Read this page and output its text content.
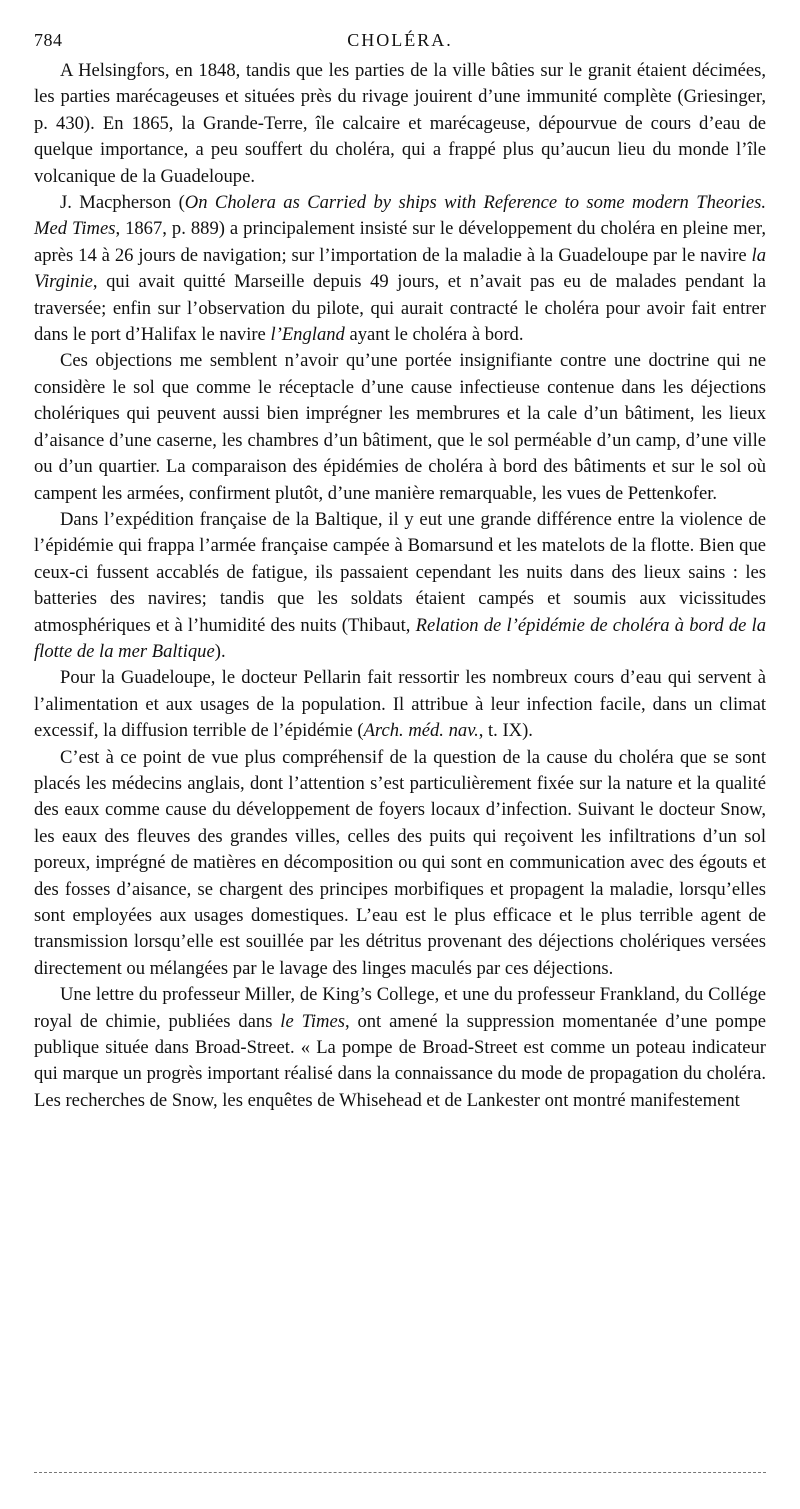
784	CHOLÉRA.

A Helsingfors, en 1848, tandis que les parties de la ville bâties sur le granit étaient décimées, les parties marécageuses et situées près du rivage jouirent d’une immunité complète (Griesinger, p. 430). En 1865, la Grande-Terre, île calcaire et marécageuse, dépourvue de cours d’eau de quelque importance, a peu souffert du choléra, qui a frappé plus qu’aucun lieu du monde l’île volcanique de la Guadeloupe.

J. Macpherson (On Cholera as Carried by ships with Reference to some modern Theories. Med Times, 1867, p. 889) a principalement insisté sur le développement du choléra en pleine mer, après 14 à 26 jours de navigation; sur l’importation de la maladie à la Guadeloupe par le navire la Virginie, qui avait quitté Marseille depuis 49 jours, et n’avait pas eu de malades pendant la traversée; enfin sur l’observation du pilote, qui aurait contracté le choléra pour avoir fait entrer dans le port d’Halifax le navire l’England ayant le choléra à bord.

Ces objections me semblent n’avoir qu’une portée insignifiante contre une doctrine qui ne considère le sol que comme le réceptacle d’une cause infectieuse contenue dans les déjections cholériques qui peuvent aussi bien imprégner les membrures et la cale d’un bâtiment, les lieux d’aisance d’une caserne, les chambres d’un bâtiment, que le sol perméable d’un camp, d’une ville ou d’un quartier. La comparaison des épidémies de choléra à bord des bâtiments et sur le sol où campent les armées, confirment plutôt, d’une manière remarquable, les vues de Pettenkofer.

Dans l’expédition française de la Baltique, il y eut une grande différence entre la violence de l’épidémie qui frappa l’armée française campée à Bomarsund et les matelots de la flotte. Bien que ceux-ci fussent accablés de fatigue, ils passaient cependant les nuits dans des lieux sains : les batteries des navires; tandis que les soldats étaient campés et soumis aux vicissitudes atmosphériques et à l’humidité des nuits (Thibaut, Relation de l’épidémie de choléra à bord de la flotte de la mer Baltique).

Pour la Guadeloupe, le docteur Pellarin fait ressortir les nombreux cours d’eau qui servent à l’alimentation et aux usages de la population. Il attribue à leur infection facile, dans un climat excessif, la diffusion terrible de l’épidémie (Arch. méd. nav., t. IX).

C’est à ce point de vue plus compréhensif de la question de la cause du choléra que se sont placés les médecins anglais, dont l’attention s’est particulièrement fixée sur la nature et la qualité des eaux comme cause du développement de foyers locaux d’infection. Suivant le docteur Snow, les eaux des fleuves des grandes villes, celles des puits qui reçoivent les infiltrations d’un sol poreux, imprégné de matières en décomposition ou qui sont en communication avec des égouts et des fosses d’aisance, se chargent des principes morbifiques et propagent la maladie, lorsqu’elles sont employées aux usages domestiques. L’eau est le plus efficace et le plus terrible agent de transmission lorsqu’elle est souillée par les détritus provenant des déjections cholériques versées directement ou mélangées par le lavage des linges maculés par ces déjections.

Une lettre du professeur Miller, de King’s College, et une du professeur Frankland, du Collége royal de chimie, publiées dans le Times, ont amené la suppression momentanée d’une pompe publique située dans Broad-Street. « La pompe de Broad-Street est comme un poteau indicateur qui marque un progrès important réalisé dans la connaissance du mode de propagation du choléra. Les recherches de Snow, les enquêtes de Whisehead et de Lankester ont montré manifestement
